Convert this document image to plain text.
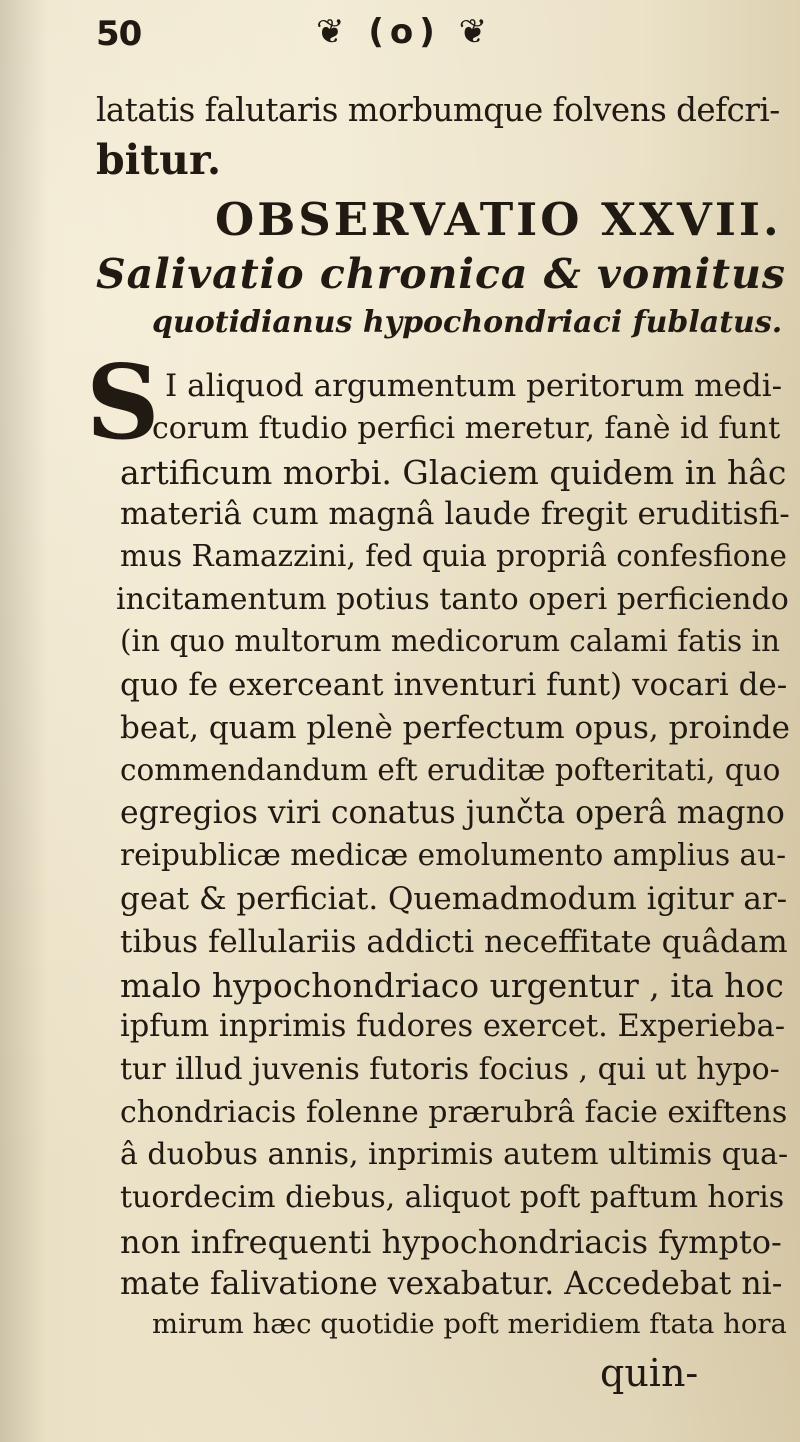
50	❦ (o) ❦
latatis falutaris morbumque folvens defcri-
bitur.
OBSERVATIO XXVII.
Salivatio chronica & vomitus
quotidianus hypochondriaci fublatus.
S I aliquod argumentum peritorum medi-
corum ftudio perfici meretur, fanè id funt
artificum morbi. Glaciem quidem in hâc
materiâ cum magnâ laude fregit eruditisfi-
mus Ramazzini, fed quia propriâ confesfione
incitamentum potius tanto operi perficiendo
(in quo multorum medicorum calami fatis in
quo fe exerceant inventuri funt) vocari de-
beat, quam plenè perfectum opus, proinde
commendandum eft eruditæ pofteritati, quo
egregios viri conatus junčta operâ magno
reipublicæ medicæ emolumento amplius au-
geat & perficiat. Quemadmodum igitur ar-
tibus fellulariis addicti neceffitate quâdam
malo hypochondriaco urgentur , ita hoc
ipfum inprimis fudores exercet. Experieba-
tur illud juvenis futoris focius , qui ut hypo-
chondriacis folenne prærubrâ facie exiftens
â duobus annis, inprimis autem ultimis qua-
tuordecim diebus, aliquot poft paftum horis
non infrequenti hypochondriacis fympto-
mate falivatione vexabatur. Accedebat ni-
mirum hæc quotidie poft meridiem ftata hora
quin-
